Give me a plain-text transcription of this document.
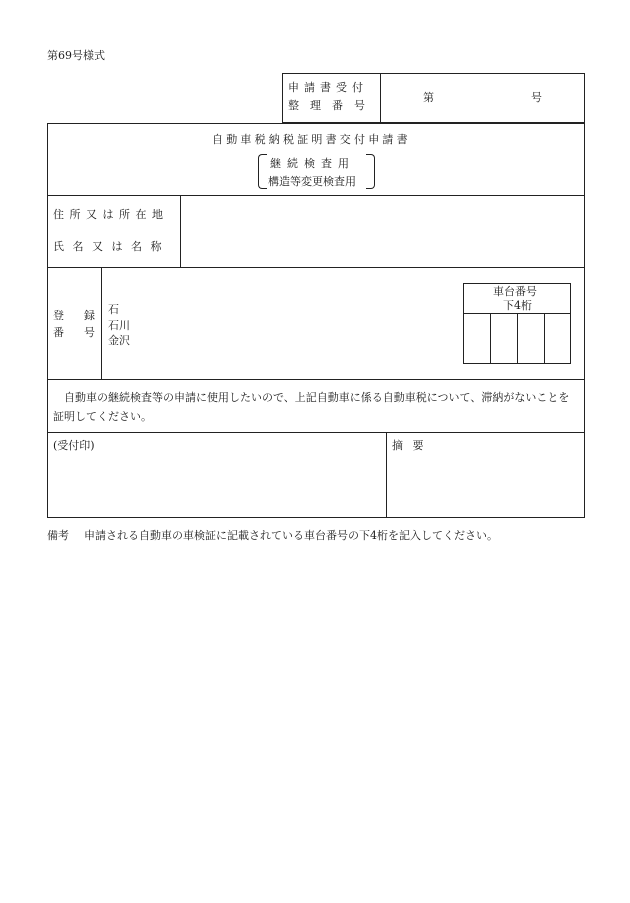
第69号様式
申請書受付
整理番号
第	号
自動車税納税証明書交付申請書
継続検査用
構造等変更検査用
住所又は所在地
氏名又は名称
登 録
番 号
石
石川
金沢
車台番号
下4桁
自動車の継続検査等の申請に使用したいので、上記自動車に係る自動車税について、滞納がないことを証明してください。
(受付印)	摘 要
備考 申請される自動車の車検証に記載されている車台番号の下4桁を記入してください。
